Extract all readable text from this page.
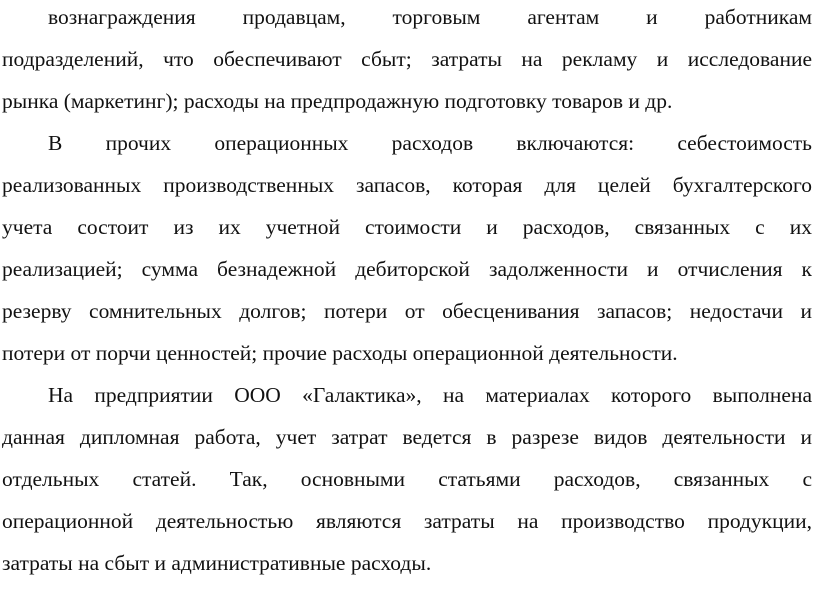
вознаграждения продавцам, торговым агентам и работникам
подразделений, что обеспечивают сбыт; затраты на рекламу и исследование
рынка (маркетинг); расходы на предпродажную подготовку товаров и др.
В прочих операционных расходов включаются: себестоимость
реализованных производственных запасов, которая для целей бухгалтерского
учета состоит из их учетной стоимости и расходов, связанных с их
реализацией; сумма безнадежной дебиторской задолженности и отчисления к
резерву сомнительных долгов; потери от обесценивания запасов; недостачи и
потери от порчи ценностей; прочие расходы операционной деятельности.
На предприятии ООО «Галактика», на материалах которого выполнена
данная дипломная работа, учет затрат ведется в разрезе видов деятельности и
отдельных статей. Так, основными статьями расходов, связанных с
операционной деятельностью являются затраты на производство продукции,
затраты на сбыт и административные расходы.
